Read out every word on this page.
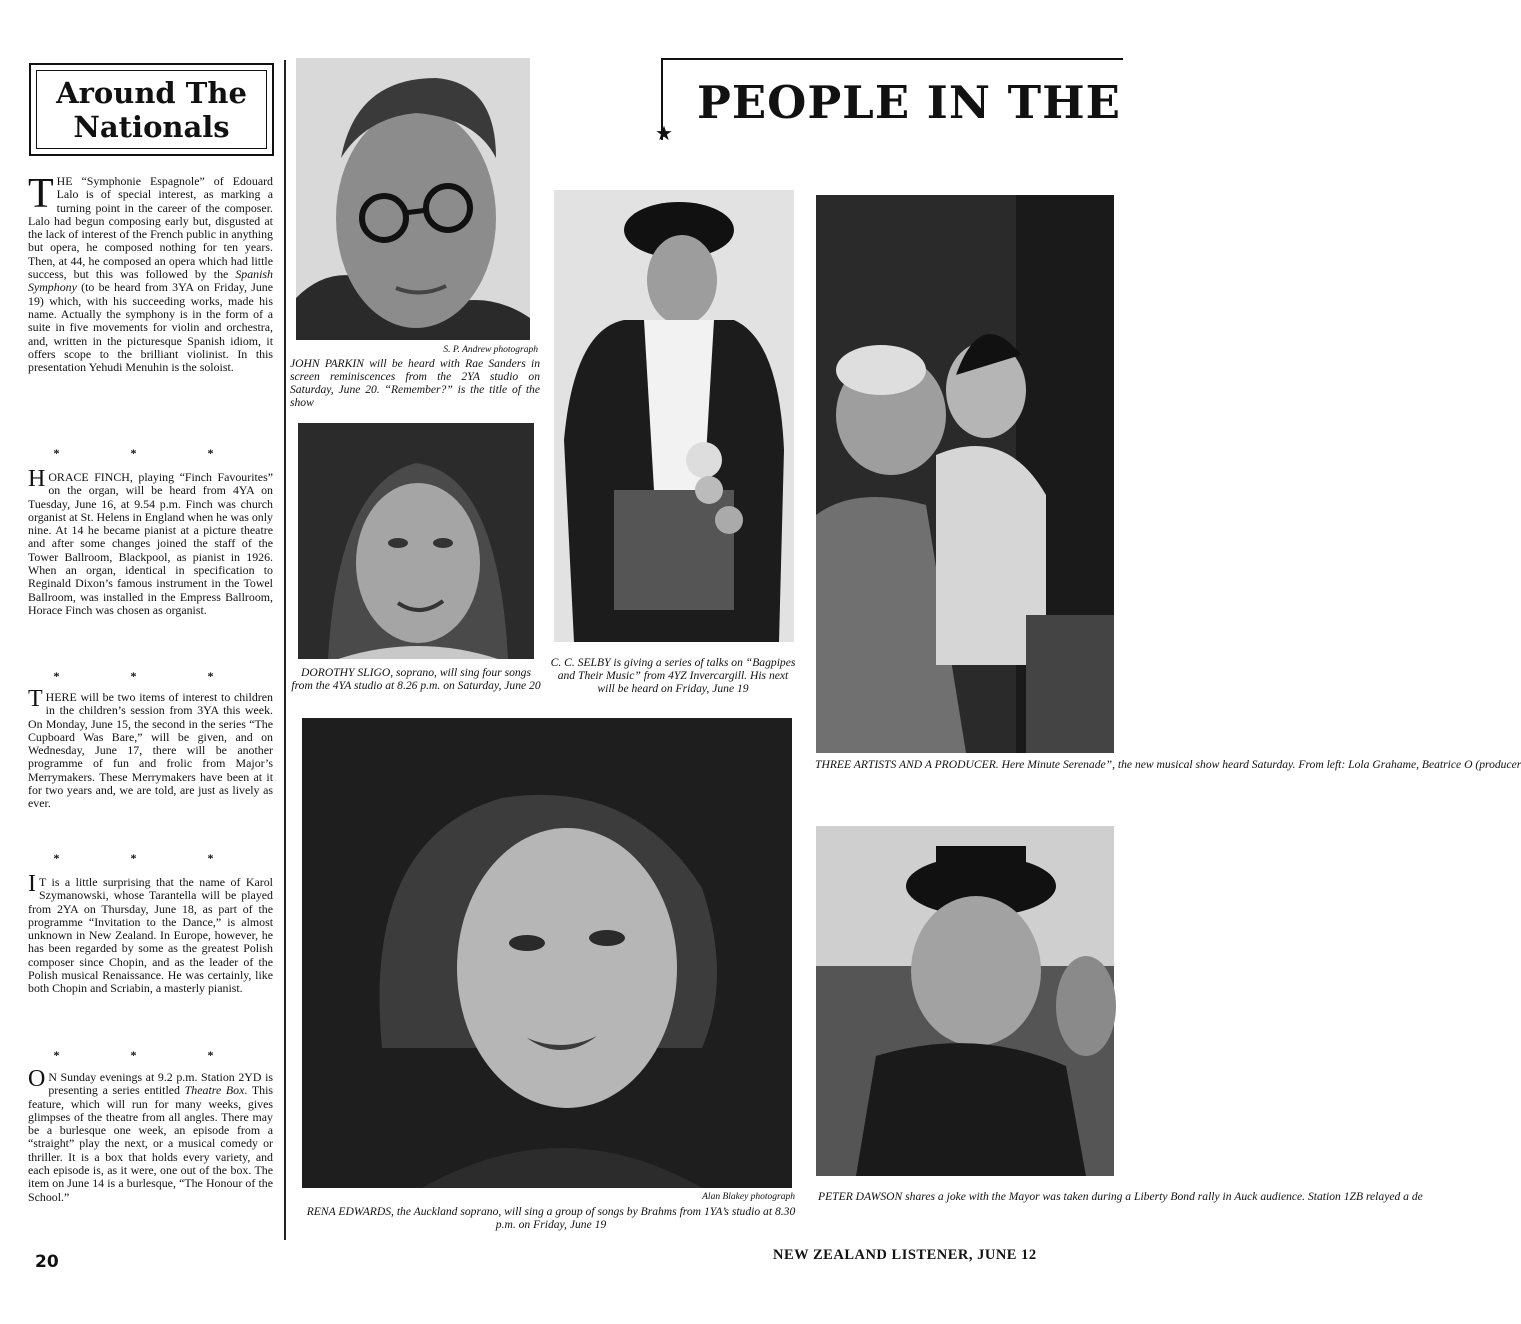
Around The
Nationals

THE “Symphonie Espagnole” of Edouard Lalo is of special interest, as marking a turning point in the career of the composer. Lalo had begun composing early but, disgusted at the lack of interest of the French public in anything but opera, he composed nothing for ten years. Then, at 44, he composed an opera which had little success, but this was followed by the Spanish Symphony (to be heard from 3YA on Friday, June 19) which, with his succeeding works, made his name. Actually the symphony is in the form of a suite in five movements for violin and orchestra, and, written in the picturesque Spanish idiom, it offers scope to the brilliant violinist. In this presentation Yehudi Menuhin is the soloist.

* * *

HORACE FINCH, playing “Finch Favourites” on the organ, will be heard from 4YA on Tuesday, June 16, at 9.54 p.m. Finch was church organist at St. Helens in England when he was only nine. At 14 he became pianist at a picture theatre and after some changes joined the staff of the Tower Ballroom, Blackpool, as pianist in 1926. When an organ, identical in specification to Reginald Dixon’s famous instrument in the Towel Ballroom, was installed in the Empress Ballroom, Horace Finch was chosen as organist.

* * *

THERE will be two items of interest to children in the children’s session from 3YA this week. On Monday, June 15, the second in the series “The Cupboard Was Bare,” will be given, and on Wednesday, June 17, there will be another programme of fun and frolic from Major’s Merrymakers. These Merrymakers have been at it for two years and, we are told, are just as lively as ever.

* * *

I T is a little surprising that the name of Karol Szymanowski, whose Tarantella will be played from 2YA on Thursday, June 18, as part of the programme “Invitation to the Dance,” is almost unknown in New Zealand. In Europe, however, he has been regarded by some as the greatest Polish composer since Chopin, and as the leader of the Polish musical Renaissance. He was certainly, like both Chopin and Scriabin, a masterly pianist.

* * *

O N Sunday evenings at 9.2 p.m. Station 2YD is presenting a series entitled Theatre Box. This feature, which will run for many weeks, gives glimpses of the theatre from all angles. There may be a burlesque one week, an episode from a “straight” play the next, or a musical comedy or thriller. It is a box that holds every variety, and each episode is, as it were, one out of the box. The item on June 14 is a burlesque, “The Honour of the School.”

PEOPLE IN THE
★
S. P. Andrew photograph
JOHN PARKIN will be heard with Rae Sanders in screen reminiscences from the 2YA studio on Saturday, June 20. “Remember?” is the title of the show
DOROTHY SLIGO, soprano, will sing four songs from the 4YA studio at 8.26 p.m. on Saturday, June 20
C. C. SELBY is giving a series of talks on “Bagpipes and Their Music” from 4YZ Invercargill. His next will be heard on Friday, June 19
Alan Blakey photograph
RENA EDWARDS, the Auckland soprano, will sing a group of songs by Brahms from 1YA’s studio at 8.30 p.m. on Friday, June 19
THREE ARTISTS AND A PRODUCER. Here Minute Serenade”, the new musical show heard Saturday. From left: Lola Grahame, Beatrice O (producer
PETER DAWSON shares a joke with the Mayor was taken during a Liberty Bond rally in Auck audience. Station 1ZB relayed a de
20	NEW ZEALAND LISTENER, JUNE 12
